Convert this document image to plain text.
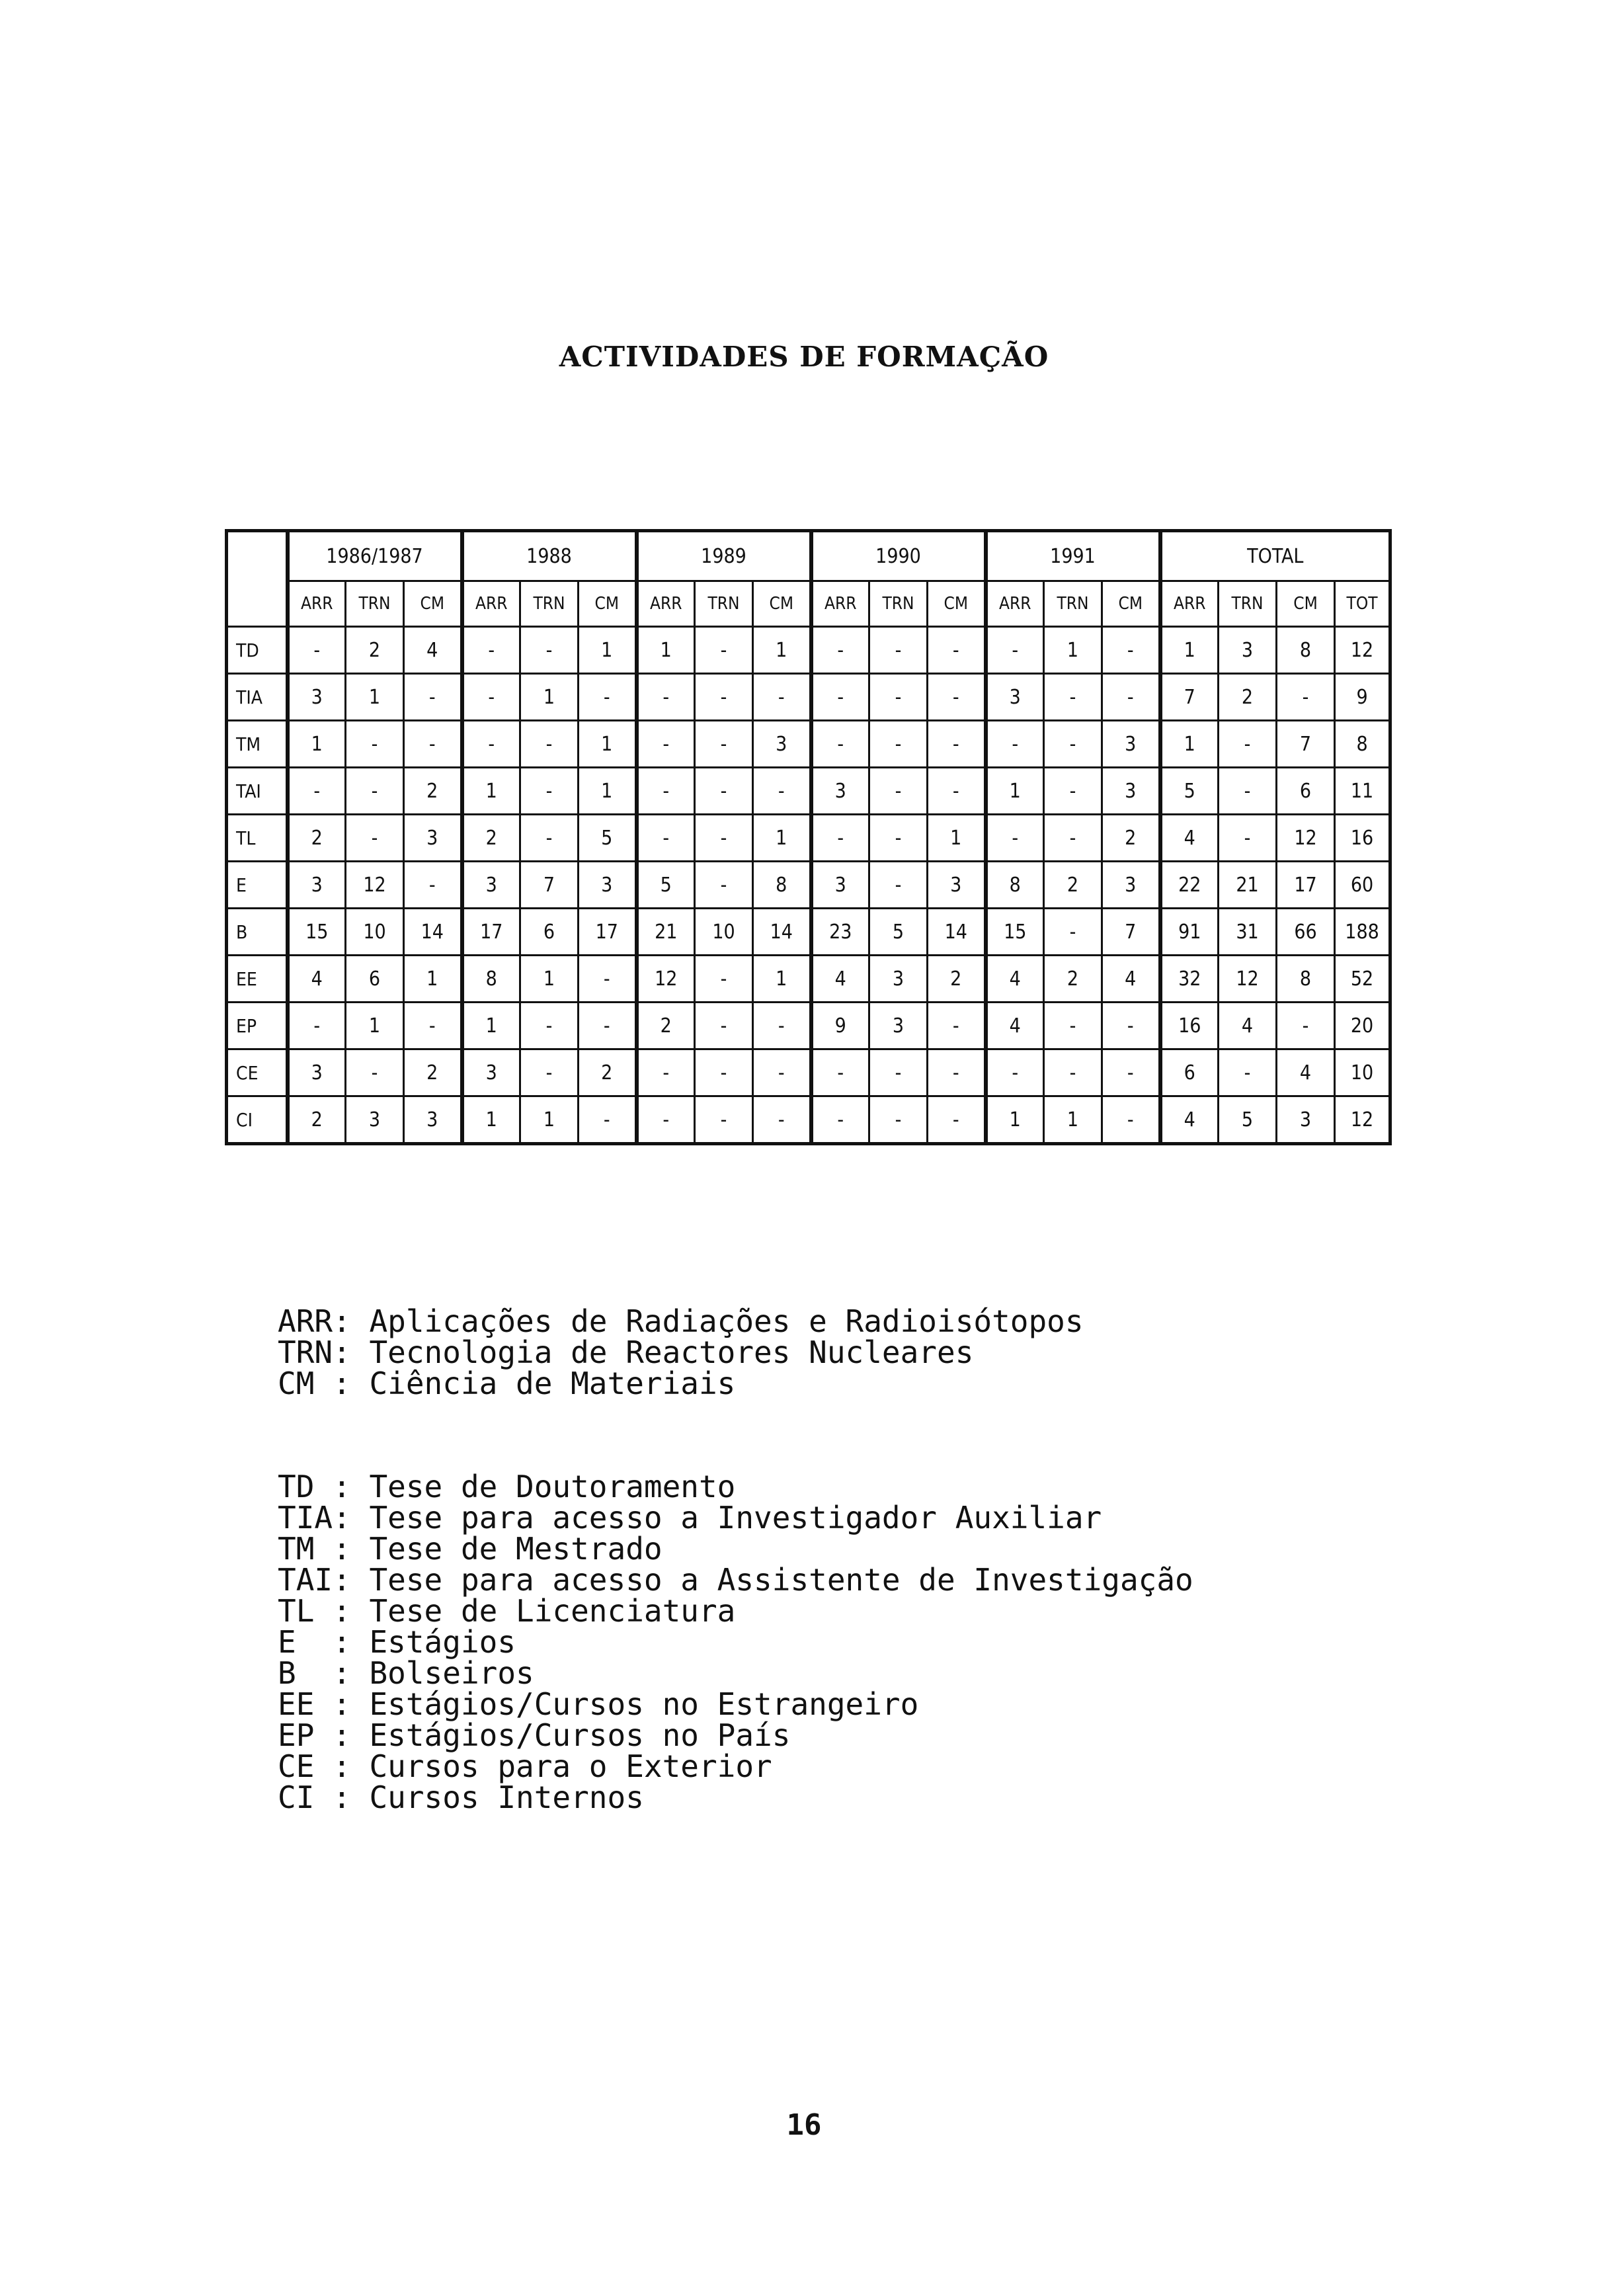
ACTIVIDADES DE FORMAÇÃO
	1986/1987			1988			1989			1990			1991			TOTAL			
	ARR	TRN	CM	ARR	TRN	CM	ARR	TRN	CM	ARR	TRN	CM	ARR	TRN	CM	ARR	TRN	CM	TOT
TD	-	2	4	-	-	1	1	-	1	-	-	-	-	1	-	1	3	8	12
TIA	3	1	-	-	1	-	-	-	-	-	-	-	3	-	-	7	2	-	9
TM	1	-	-	-	-	1	-	-	3	-	-	-	-	-	3	1	-	7	8
TAI	-	-	2	1	-	1	-	-	-	3	-	-	1	-	3	5	-	6	11
TL	2	-	3	2	-	5	-	-	1	-	-	1	-	-	2	4	-	12	16
E	3	12	-	3	7	3	5	-	8	3	-	3	8	2	3	22	21	17	60
B	15	10	14	17	6	17	21	10	14	23	5	14	15	-	7	91	31	66	188
EE	4	6	1	8	1	-	12	-	1	4	3	2	4	2	4	32	12	8	52
EP	-	1	-	1	-	-	2	-	-	9	3	-	4	-	-	16	4	-	20
CE	3	-	2	3	-	2	-	-	-	-	-	-	-	-	-	6	-	4	10
CI	2	3	3	1	1	-	-	-	-	-	-	-	1	1	-	4	5	3	12
ARR: Aplicações de Radiações e Radioisótopos
TRN: Tecnologia de Reactores Nucleares
CM : Ciência de Materiais
TD : Tese de Doutoramento
TIA: Tese para acesso a Investigador Auxiliar
TM : Tese de Mestrado
TAI: Tese para acesso a Assistente de Investigação
TL : Tese de Licenciatura
E  : Estágios
B  : Bolseiros
EE : Estágios/Cursos no Estrangeiro
EP : Estágios/Cursos no País
CE : Cursos para o Exterior
CI : Cursos Internos
16
